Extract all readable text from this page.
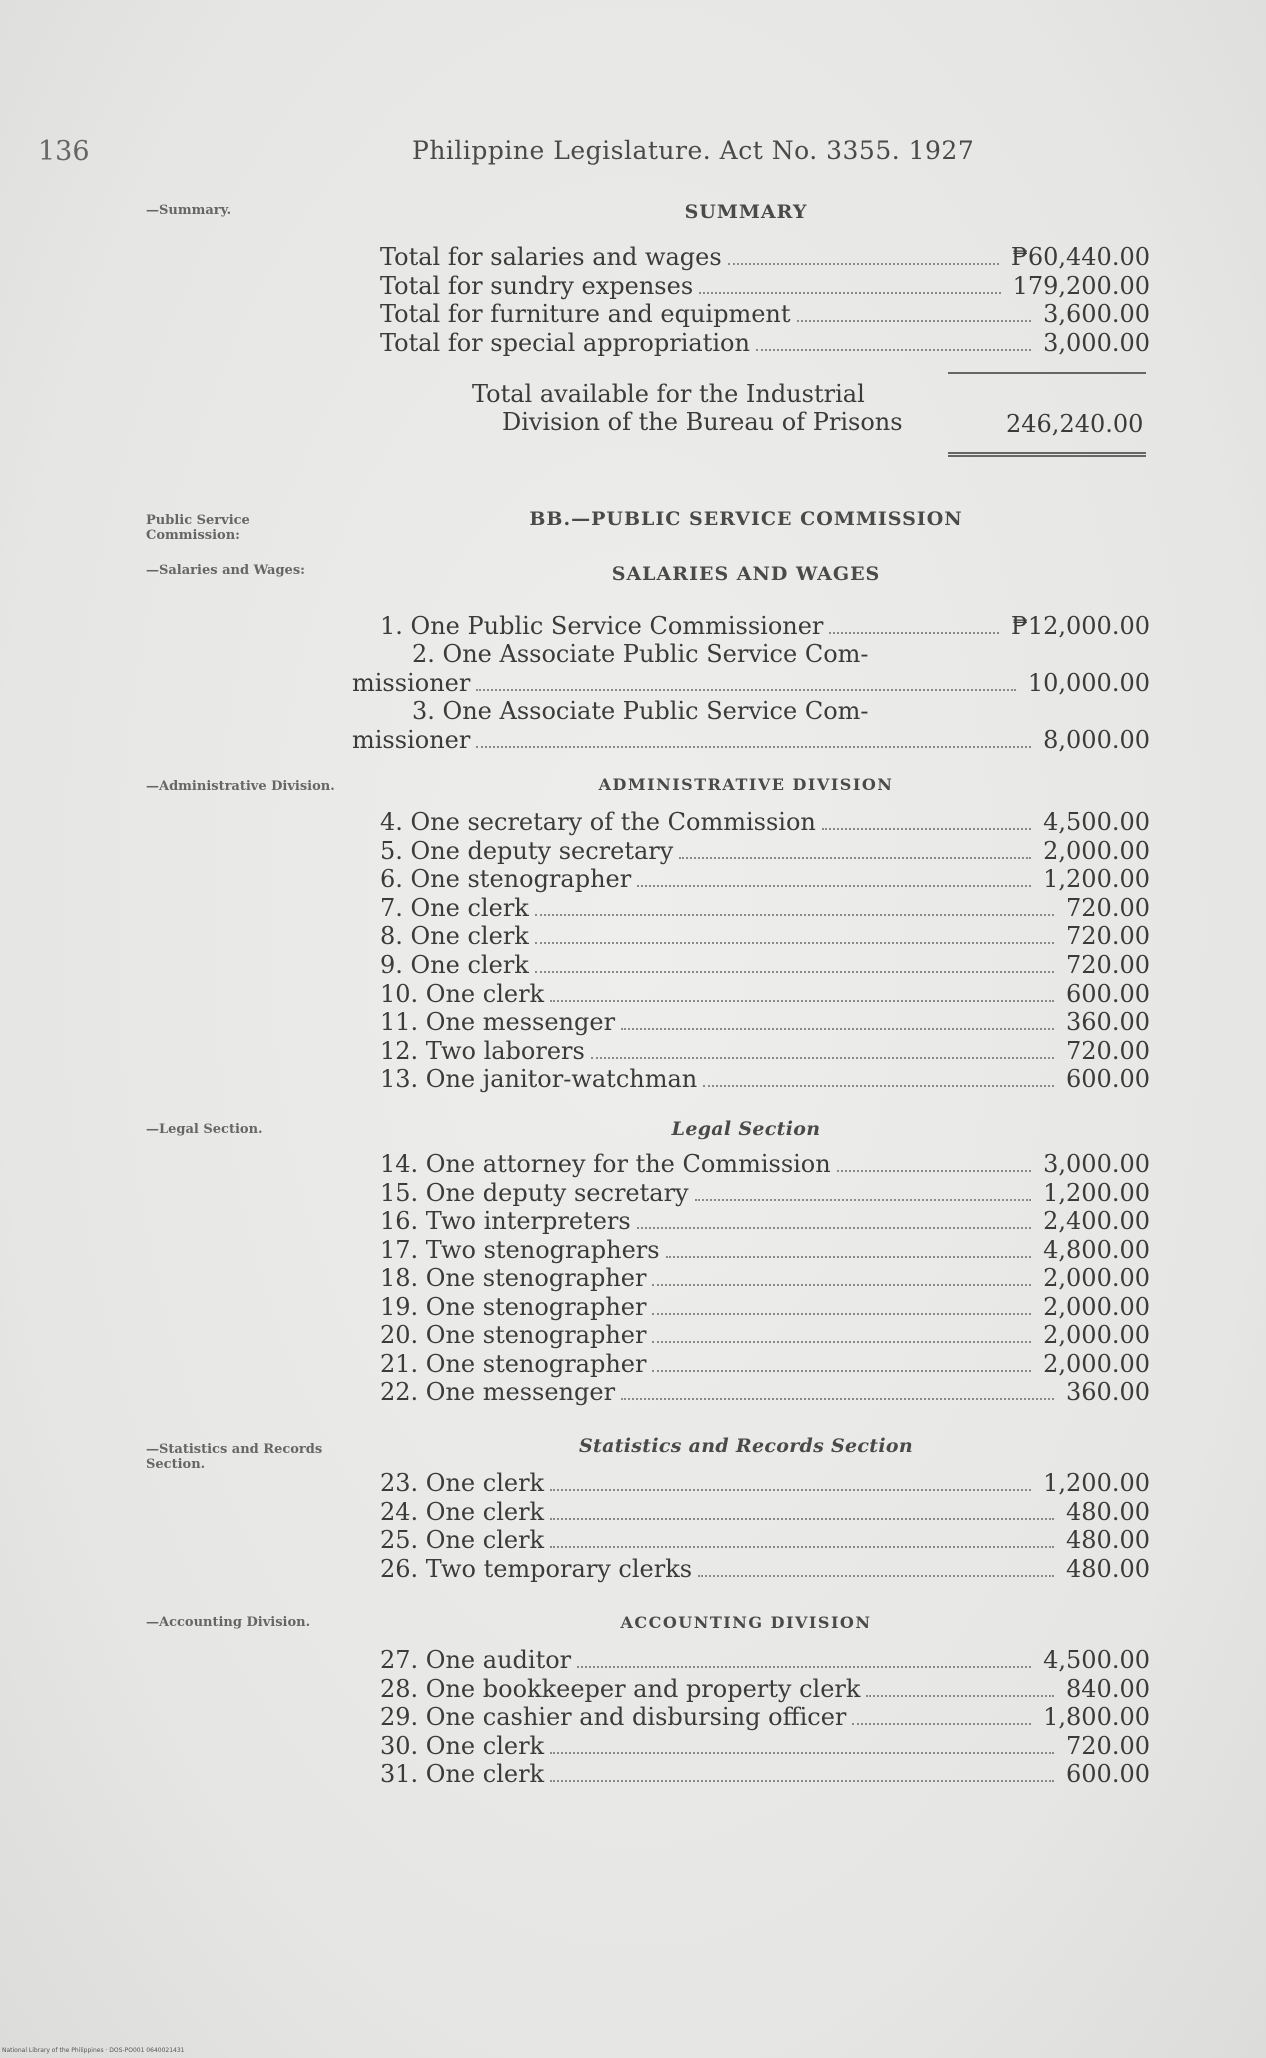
136	Philippine Legislature. Act No. 3355. 1927
—Summary.	SUMMARY
Total for salaries and wages	₱60,440.00
Total for sundry expenses	179,200.00
Total for furniture and equipment	3,600.00
Total for special appropriation	3,000.00
Total available for the Industrial
Division of the Bureau of Prisons	246,240.00
Public Service Commission:
BB.—PUBLIC SERVICE COMMISSION
—Salaries and Wages:	SALARIES AND WAGES
1. One Public Service Commissioner	₱12,000.00
2. One Associate Public Service Com-
missioner	10,000.00
3. One Associate Public Service Com-
missioner	8,000.00
—Administrative Division.	ADMINISTRATIVE DIVISION
4. One secretary of the Commission	4,500.00
5. One deputy secretary	2,000.00
6. One stenographer	1,200.00
7. One clerk	720.00
8. One clerk	720.00
9. One clerk	720.00
10. One clerk	600.00
11. One messenger	360.00
12. Two laborers	720.00
13. One janitor-watchman	600.00
—Legal Section.	Legal Section
14. One attorney for the Commission	3,000.00
15. One deputy secretary	1,200.00
16. Two interpreters	2,400.00
17. Two stenographers	4,800.00
18. One stenographer	2,000.00
19. One stenographer	2,000.00
20. One stenographer	2,000.00
21. One stenographer	2,000.00
22. One messenger	360.00
—Statistics and Records Section.
Statistics and Records Section
23. One clerk	1,200.00
24. One clerk	480.00
25. One clerk	480.00
26. Two temporary clerks	480.00
—Accounting Division.	ACCOUNTING DIVISION
27. One auditor	4,500.00
28. One bookkeeper and property clerk	840.00
29. One cashier and disbursing officer	1,800.00
30. One clerk	720.00
31. One clerk	600.00
National Library of the Philippines · DOS-PO001 0640021431
